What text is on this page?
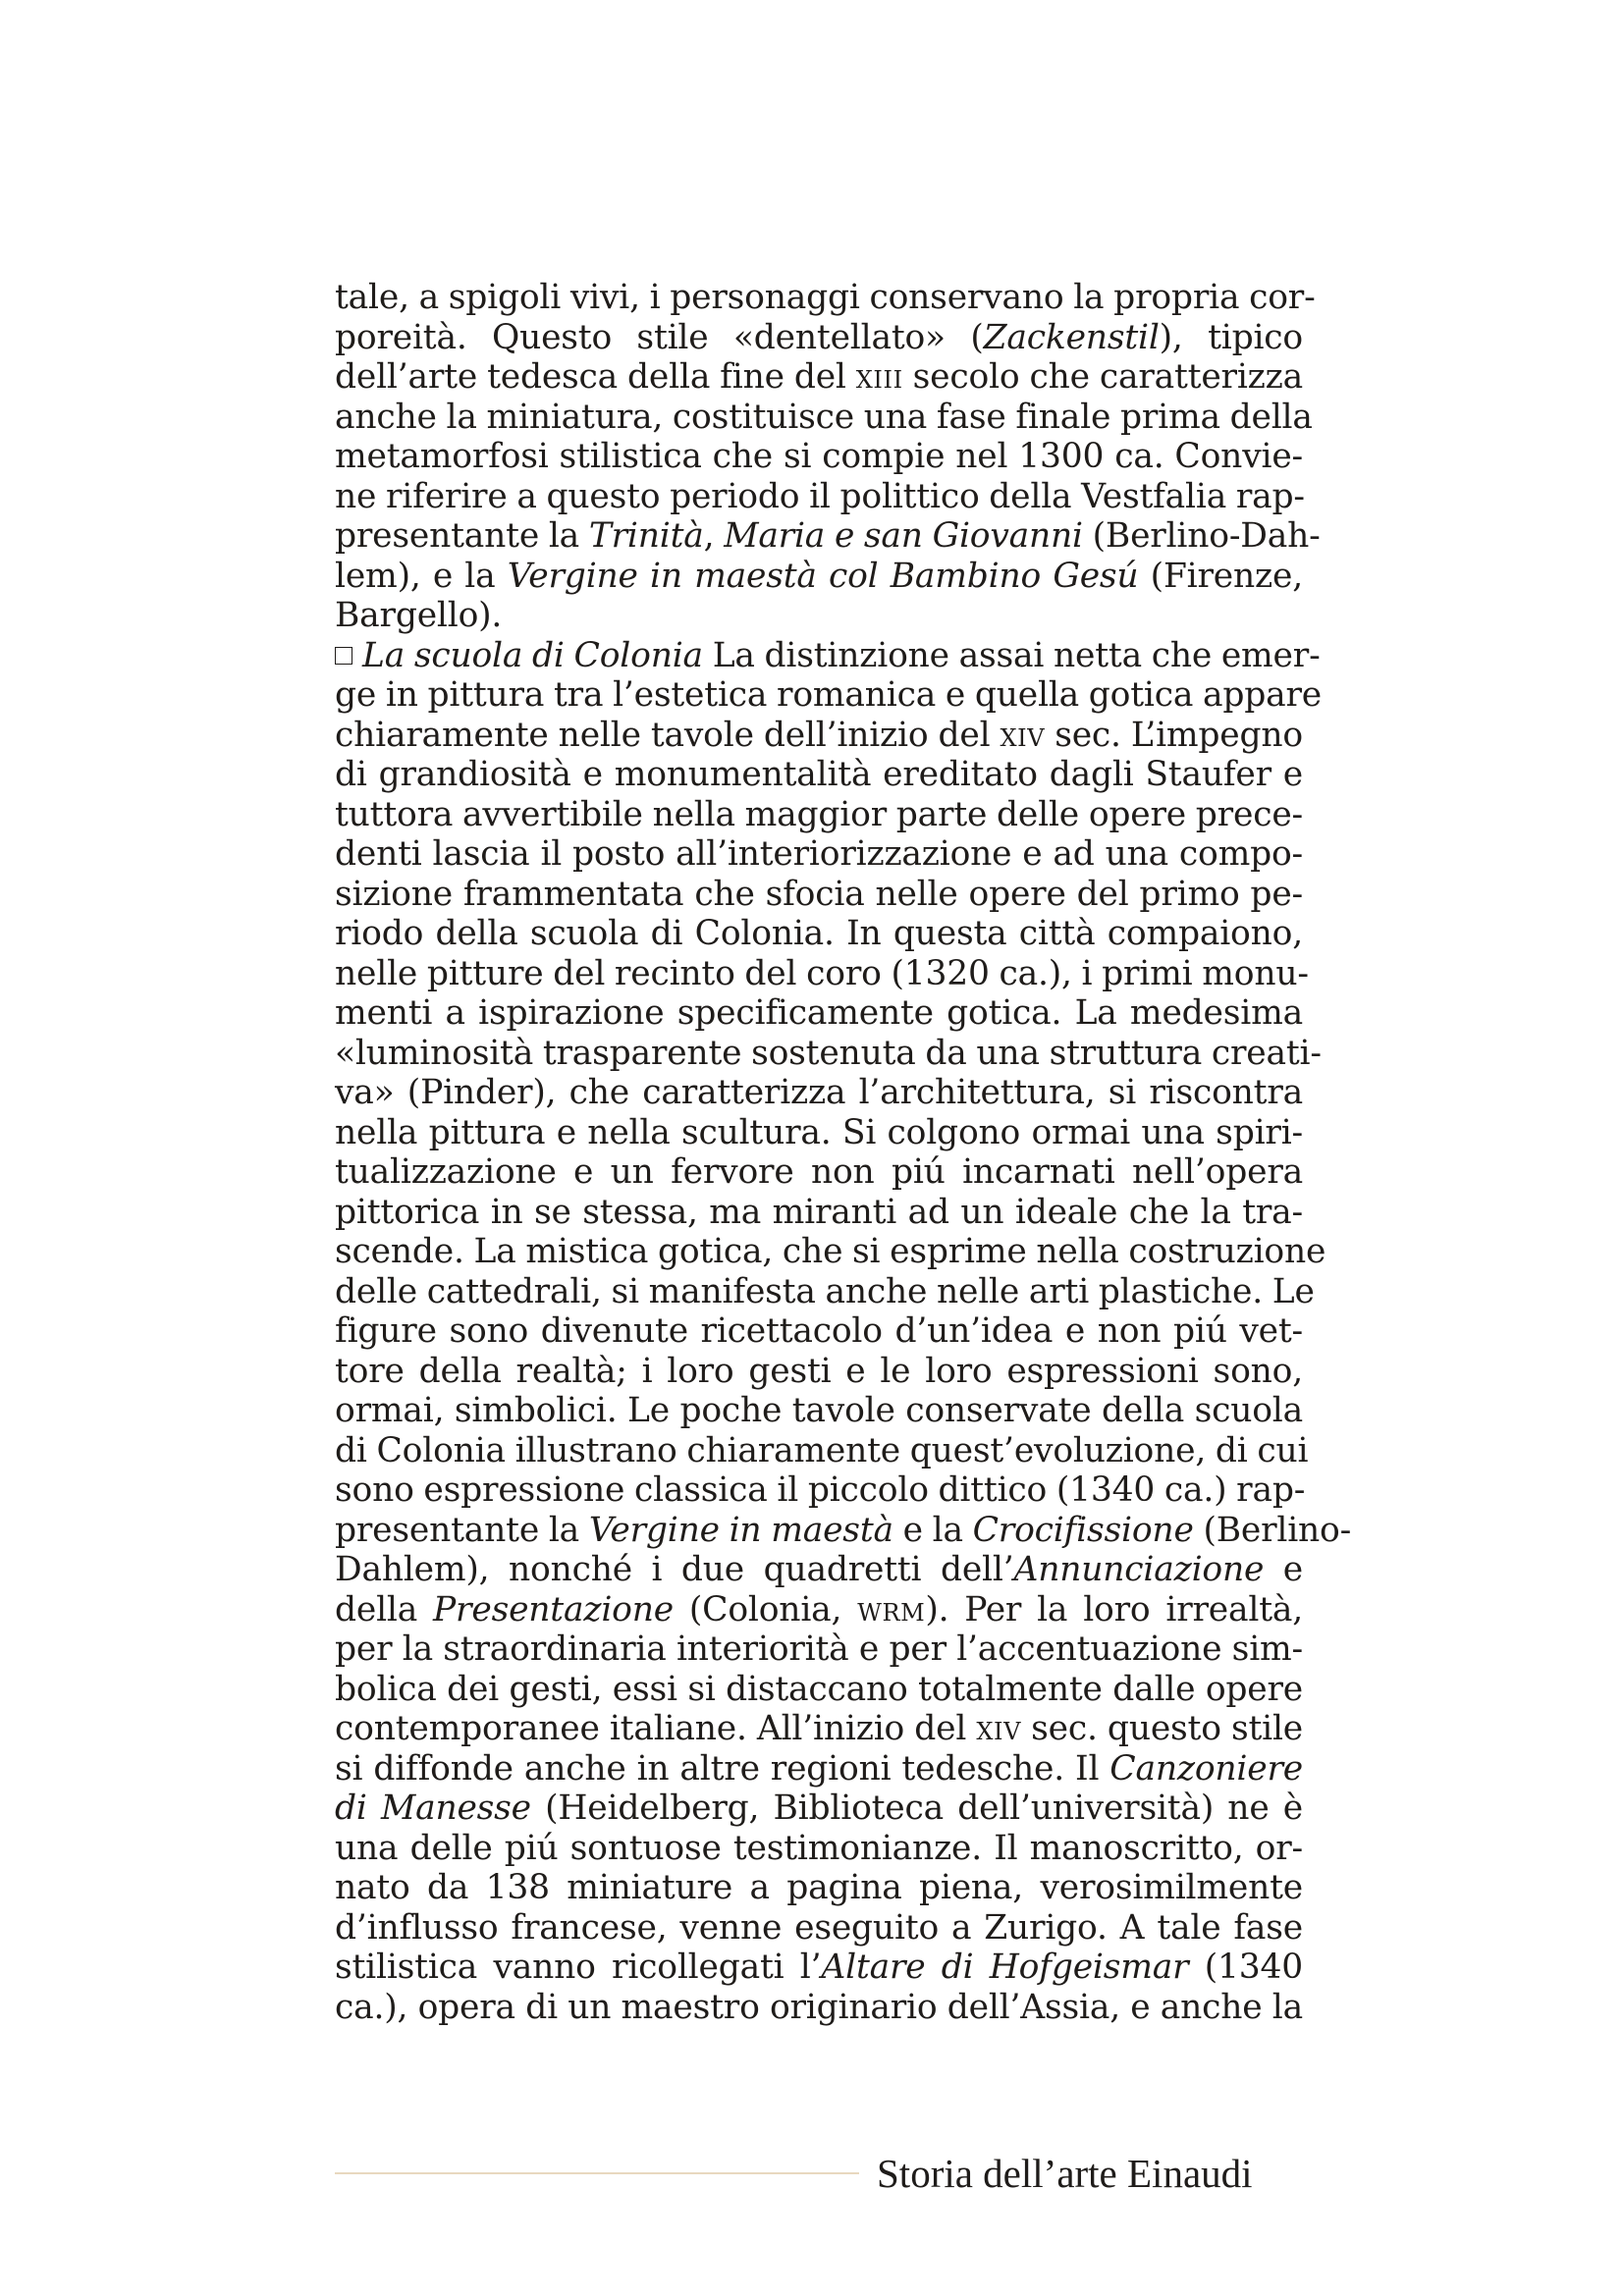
tale, a spigoli vivi, i personaggi conservano la propria cor-
poreità. Questo stile «dentellato» (Zackenstil), tipico
dell’arte tedesca della fine del xiii secolo che caratterizza
anche la miniatura, costituisce una fase finale prima della
metamorfosi stilistica che si compie nel 1300 ca. Convie-
ne riferire a questo periodo il polittico della Vestfalia rap-
presentante la Trinità, Maria e san Giovanni (Berlino-Dah-
lem), e la Vergine in maestà col Bambino Gesú (Firenze,
Bargello).
La scuola di Colonia La distinzione assai netta che emer-
ge in pittura tra l’estetica romanica e quella gotica appare
chiaramente nelle tavole dell’inizio del xiv sec. L’impegno
di grandiosità e monumentalità ereditato dagli Staufer e
tuttora avvertibile nella maggior parte delle opere prece-
denti lascia il posto all’interiorizzazione e ad una compo-
sizione frammentata che sfocia nelle opere del primo pe-
riodo della scuola di Colonia. In questa città compaiono,
nelle pitture del recinto del coro (1320 ca.), i primi monu-
menti a ispirazione specificamente gotica. La medesima
«luminosità trasparente sostenuta da una struttura creati-
va» (Pinder), che caratterizza l’architettura, si riscontra
nella pittura e nella scultura. Si colgono ormai una spiri-
tualizzazione e un fervore non piú incarnati nell’opera
pittorica in se stessa, ma miranti ad un ideale che la tra-
scende. La mistica gotica, che si esprime nella costruzione
delle cattedrali, si manifesta anche nelle arti plastiche. Le
figure sono divenute ricettacolo d’un’idea e non piú vet-
tore della realtà; i loro gesti e le loro espressioni sono,
ormai, simbolici. Le poche tavole conservate della scuola
di Colonia illustrano chiaramente quest’evoluzione, di cui
sono espressione classica il piccolo dittico (1340 ca.) rap-
presentante la Vergine in maestà e la Crocifissione (Berlino-
Dahlem), nonché i due quadretti dell’Annunciazione e
della Presentazione (Colonia, wrm). Per la loro irrealtà,
per la straordinaria interiorità e per l’accentuazione sim-
bolica dei gesti, essi si distaccano totalmente dalle opere
contemporanee italiane. All’inizio del xiv sec. questo stile
si diffonde anche in altre regioni tedesche. Il Canzoniere
di Manesse (Heidelberg, Biblioteca dell’università) ne è
una delle piú sontuose testimonianze. Il manoscritto, or-
nato da 138 miniature a pagina piena, verosimilmente
d’influsso francese, venne eseguito a Zurigo. A tale fase
stilistica vanno ricollegati l’Altare di Hofgeismar (1340
ca.), opera di un maestro originario dell’Assia, e anche la
Storia dell’arte Einaudi
